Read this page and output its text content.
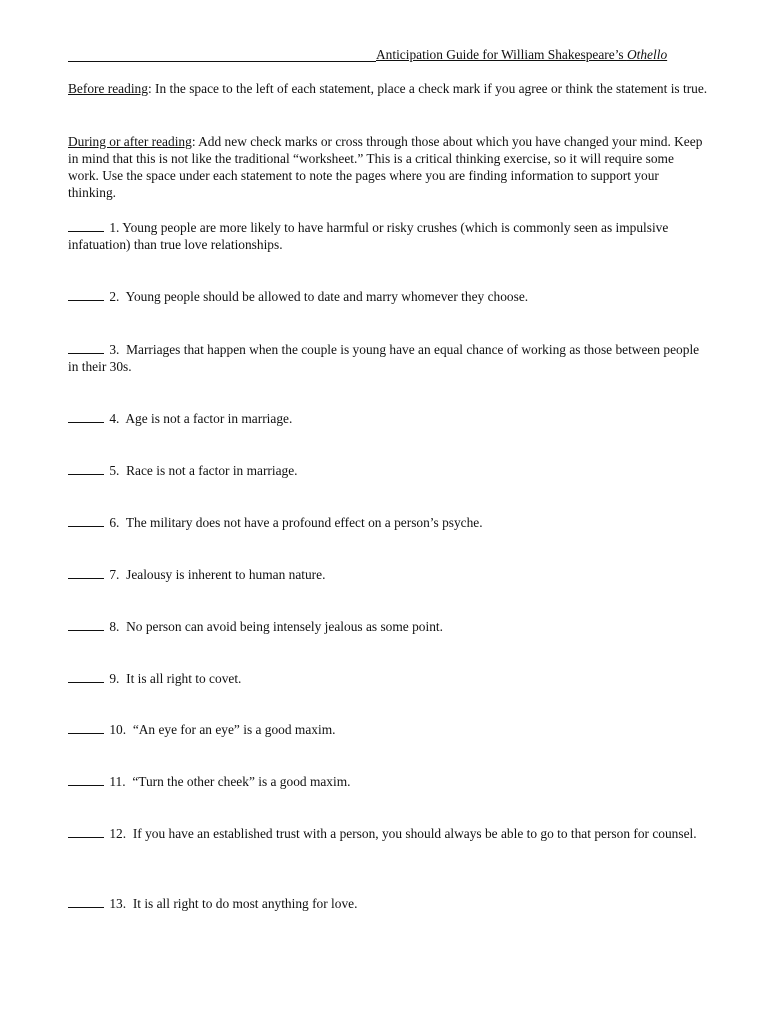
Anticipation Guide for William Shakespeare’s Othello
Before reading: In the space to the left of each statement, place a check mark if you agree or think the statement is true.
During or after reading: Add new check marks or cross through those about which you have changed your mind. Keep in mind that this is not like the traditional “worksheet.” This is a critical thinking exercise, so it will require some work. Use the space under each statement to note the pages where you are finding information to support your thinking.
1. Young people are more likely to have harmful or risky crushes (which is commonly seen as impulsive infatuation) than true love relationships.
2. Young people should be allowed to date and marry whomever they choose.
3. Marriages that happen when the couple is young have an equal chance of working as those between people in their 30s.
4. Age is not a factor in marriage.
5. Race is not a factor in marriage.
6. The military does not have a profound effect on a person’s psyche.
7. Jealousy is inherent to human nature.
8. No person can avoid being intensely jealous as some point.
9. It is all right to covet.
10. “An eye for an eye” is a good maxim.
11. “Turn the other cheek” is a good maxim.
12. If you have an established trust with a person, you should always be able to go to that person for counsel.
13. It is all right to do most anything for love.
